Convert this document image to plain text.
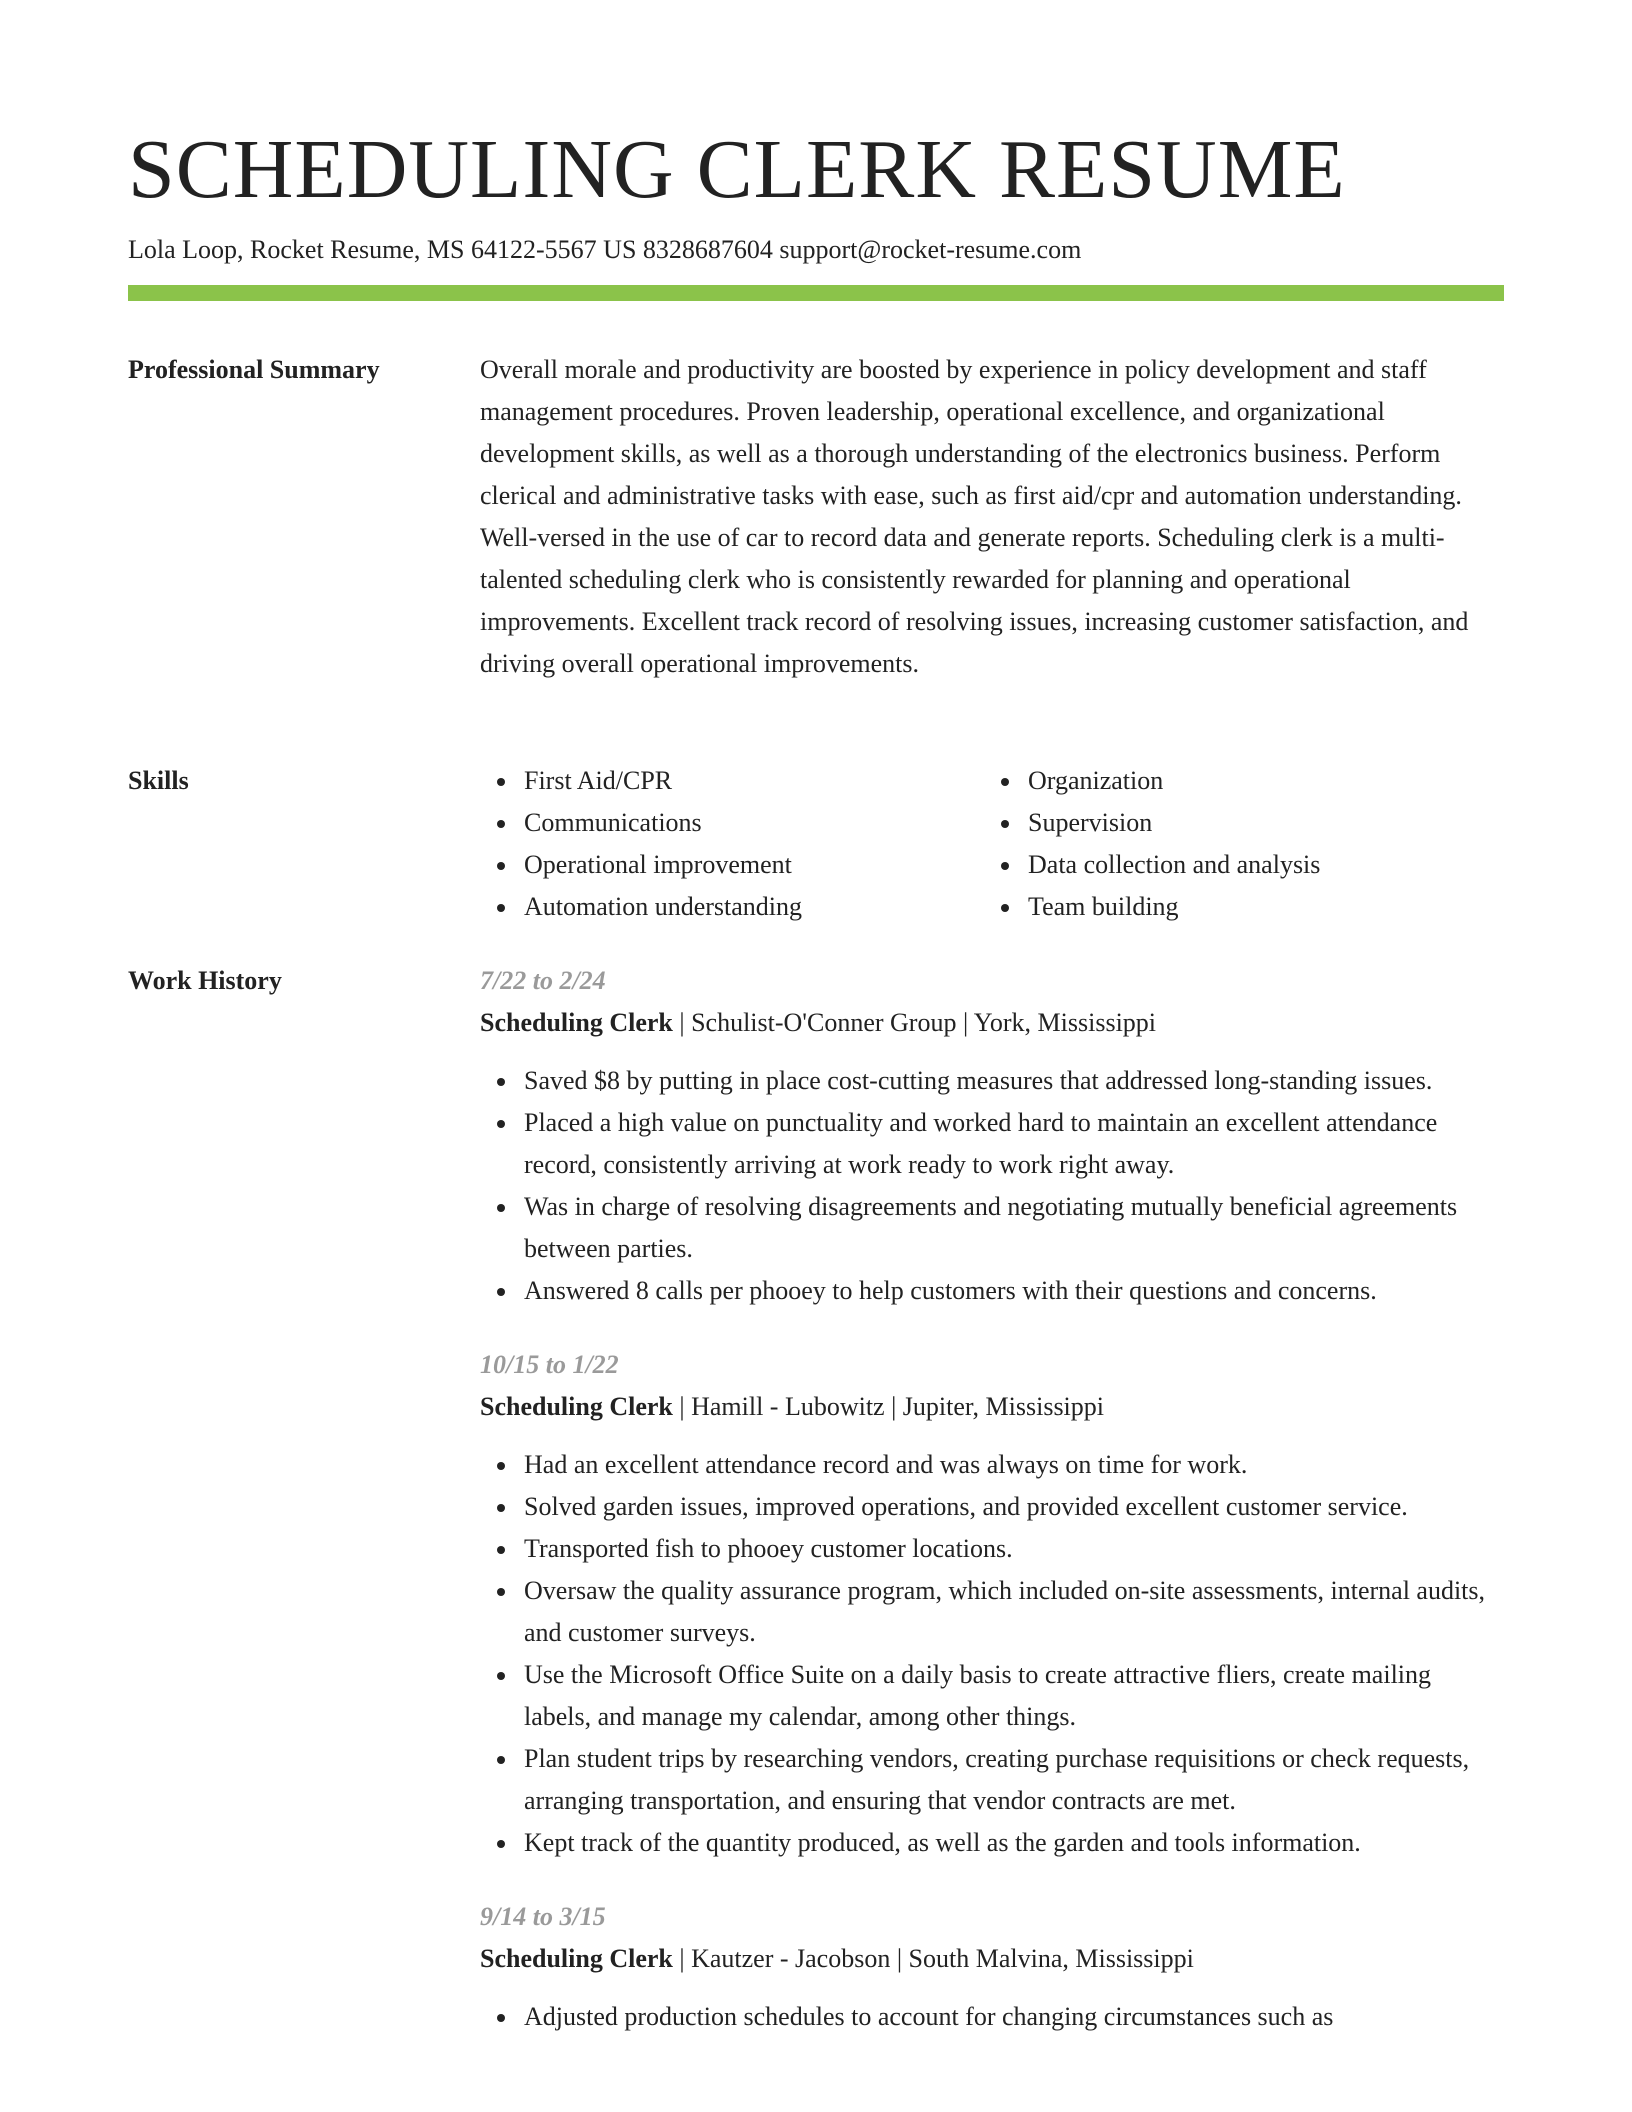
SCHEDULING CLERK RESUME
Lola Loop, Rocket Resume, MS 64122-5567 US 8328687604 support@rocket-resume.com
Professional Summary	Overall morale and productivity are boosted by experience in policy development and staff management procedures. Proven leadership, operational excellence, and organizational development skills, as well as a thorough understanding of the electronics business. Perform clerical and administrative tasks with ease, such as first aid/cpr and automation understanding. Well-versed in the use of car to record data and generate reports. Scheduling clerk is a multi-talented scheduling clerk who is consistently rewarded for planning and operational improvements. Excellent track record of resolving issues, increasing customer satisfaction, and driving overall operational improvements.

Skills	First Aid/CPR
Communications
Operational improvement
Automation understanding
Organization
Supervision
Data collection and analysis
Team building
Work History	7/22 to 2/24
Scheduling Clerk | Schulist-O'Conner Group | York, Mississippi
Saved $8 by putting in place cost-cutting measures that addressed long-standing issues.
Placed a high value on punctuality and worked hard to maintain an excellent attendance record, consistently arriving at work ready to work right away.
Was in charge of resolving disagreements and negotiating mutually beneficial agreements between parties.
Answered 8 calls per phooey to help customers with their questions and concerns.
10/15 to 1/22
Scheduling Clerk | Hamill - Lubowitz | Jupiter, Mississippi
Had an excellent attendance record and was always on time for work.
Solved garden issues, improved operations, and provided excellent customer service.
Transported fish to phooey customer locations.
Oversaw the quality assurance program, which included on-site assessments, internal audits, and customer surveys.
Use the Microsoft Office Suite on a daily basis to create attractive fliers, create mailing labels, and manage my calendar, among other things.
Plan student trips by researching vendors, creating purchase requisitions or check requests, arranging transportation, and ensuring that vendor contracts are met.
Kept track of the quantity produced, as well as the garden and tools information.
9/14 to 3/15
Scheduling Clerk | Kautzer - Jacobson | South Malvina, Mississippi
Adjusted production schedules to account for changing circumstances such as
